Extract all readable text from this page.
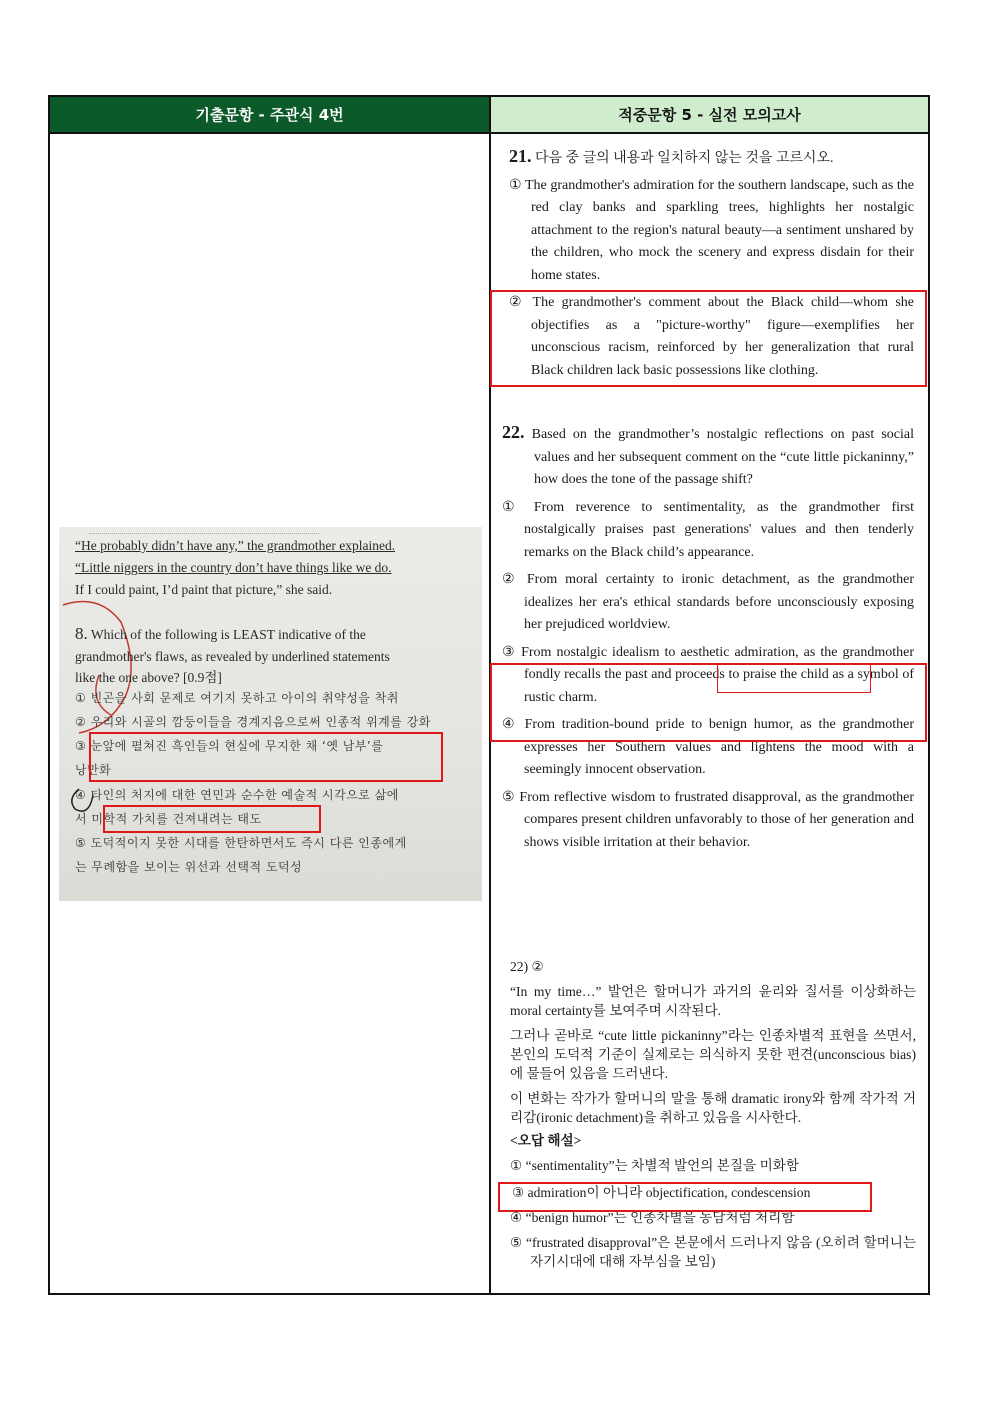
기출문항 - 주관식 4번	적중문항 5 - 실전 모의고사

“He probably didn’t have any,” the grandmother explained.

“Little niggers in the country don’t have things like we do.

If I could paint, I’d paint that picture,” she said.

8. Which of the following is LEAST indicative of the

grandmother's flaws, as revealed by underlined statements

like the one above? [0.9점]

① 빈곤을 사회 문제로 여기지 못하고 아이의 취약성을 착취

② 우리와 시골의 깜둥이들을 경계지음으로써 인종적 위계를 강화

③ 눈앞에 펼쳐진 흑인들의 현실에 무지한 채 ‘옛 남부’를

낭만화

④ 타인의 처지에 대한 연민과 순수한 예술적 시각으로 삶에

서 미학적 가치를 건져내려는 태도

⑤ 도덕적이지 못한 시대를 한탄하면서도 즉시 다른 인종에게

는 무례함을 보이는 위선과 선택적 도덕성

21. 다음 중 글의 내용과 일치하지 않는 것을 고르시오.
① The grandmother's admiration for the southern landscape, such as the red clay banks and sparkling trees, highlights her nostalgic attachment to the region's natural beauty—a sentiment unshared by the children, who mock the scenery and express disdain for their home states.
② The grandmother's comment about the Black child—whom she objectifies as a "picture-worthy" figure—exemplifies her unconscious racism, reinforced by her generalization that rural Black children lack basic possessions like clothing.
22. Based on the grandmother’s nostalgic reflections on past social values and her subsequent comment on the “cute little pickaninny,” how does the tone of the passage shift?
① From reverence to sentimentality, as the grandmother first nostalgically praises past generations' values and then tenderly remarks on the Black child’s appearance.
② From moral certainty to ironic detachment, as the grandmother idealizes her era's ethical standards before unconsciously exposing her prejudiced worldview.
③ From nostalgic idealism to aesthetic admiration, as the grandmother fondly recalls the past and proceeds to praise the child as a symbol of rustic charm.
④ From tradition-bound pride to benign humor, as the grandmother expresses her Southern values and lightens the mood with a seemingly innocent observation.
⑤ From reflective wisdom to frustrated disapproval, as the grandmother compares present children unfavorably to those of her generation and shows visible irritation at their behavior.
22) ②
“In my time…” 발언은 할머니가 과거의 윤리와 질서를 이상화하는 moral certainty를 보여주며 시작된다.
그러나 곧바로 “cute little pickaninny”라는 인종차별적 표현을 쓰면서, 본인의 도덕적 기준이 실제로는 의식하지 못한 편견(unconscious bias)에 물들어 있음을 드러낸다.
이 변화는 작가가 할머니의 말을 통해 dramatic irony와 함께 작가적 거리감(ironic detachment)을 취하고 있음을 시사한다.
<오답 해설>
① “sentimentality”는 차별적 발언의 본질을 미화함
③ admiration이 아니라 objectification, condescension
④ “benign humor”는 인종차별을 농담처럼 처리함
⑤ “frustrated disapproval”은 본문에서 드러나지 않음 (오히려 할머니는 자기시대에 대해 자부심을 보임)
